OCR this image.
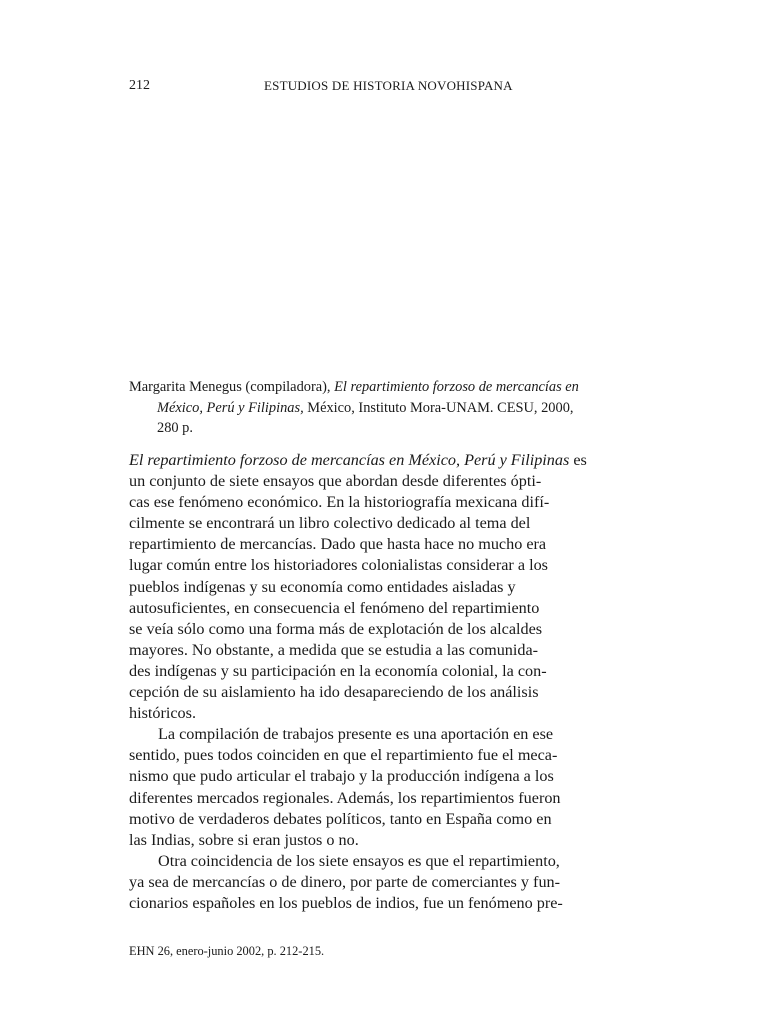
212	ESTUDIOS DE HISTORIA NOVOHISPANA

Margarita Menegus (compiladora), El repartimiento forzoso de mercancías en
México, Perú y Filipinas, México, Instituto Mora-UNAM. CESU, 2000,
280 p.

El repartimiento forzoso de mercancías en México, Perú y Filipinas es
un conjunto de siete ensayos que abordan desde diferentes ópti-
cas ese fenómeno económico. En la historiografía mexicana difí-
cilmente se encontrará un libro colectivo dedicado al tema del
repartimiento de mercancías. Dado que hasta hace no mucho era
lugar común entre los historiadores colonialistas considerar a los
pueblos indígenas y su economía como entidades aisladas y
autosuficientes, en consecuencia el fenómeno del repartimiento
se veía sólo como una forma más de explotación de los alcaldes
mayores. No obstante, a medida que se estudia a las comunida-
des indígenas y su participación en la economía colonial, la con-
cepción de su aislamiento ha ido desapareciendo de los análisis
históricos.

La compilación de trabajos presente es una aportación en ese
sentido, pues todos coinciden en que el repartimiento fue el meca-
nismo que pudo articular el trabajo y la producción indígena a los
diferentes mercados regionales. Además, los repartimientos fueron
motivo de verdaderos debates políticos, tanto en España como en
las Indias, sobre si eran justos o no.

Otra coincidencia de los siete ensayos es que el repartimiento,
ya sea de mercancías o de dinero, por parte de comerciantes y fun-
cionarios españoles en los pueblos de indios, fue un fenómeno pre-

EHN 26, enero-junio 2002, p. 212-215.
